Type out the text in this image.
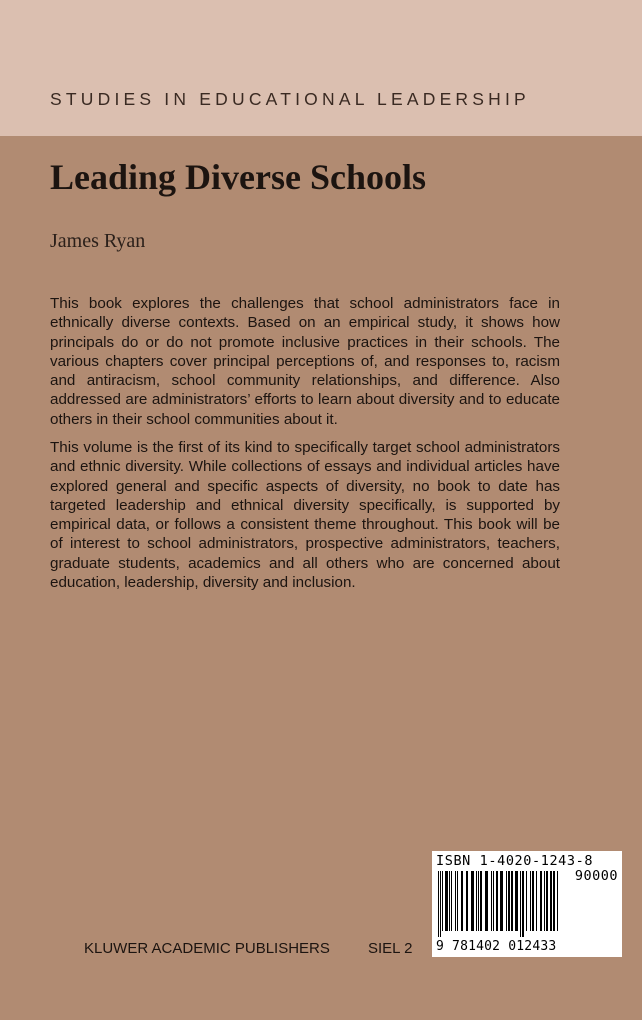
STUDIES IN EDUCATIONAL LEADERSHIP
Leading Diverse Schools
James Ryan

This book explores the challenges that school administrators face in ethnically diverse contexts. Based on an empirical study, it shows how principals do or do not promote inclusive practices in their schools. The various chapters cover principal perceptions of, and responses to, racism and antiracism, school community relationships, and difference. Also addressed are administrators’ efforts to learn about diversity and to educate others in their school communities about it.

This volume is the first of its kind to specifically target school administrators and ethnic diversity. While collections of essays and individual articles have explored general and specific aspects of diversity, no book to date has targeted leadership and ethnical diversity specifically, is supported by empirical data, or follows a consistent theme throughout. This book will be of interest to school administrators, prospective administrators, teachers, graduate students, academics and all others who are concerned about education, leadership, diversity and inclusion.

KLUWER ACADEMIC PUBLISHERS	SIEL 2
ISBN 1-4020-1243-8
90000
9 781402 012433
